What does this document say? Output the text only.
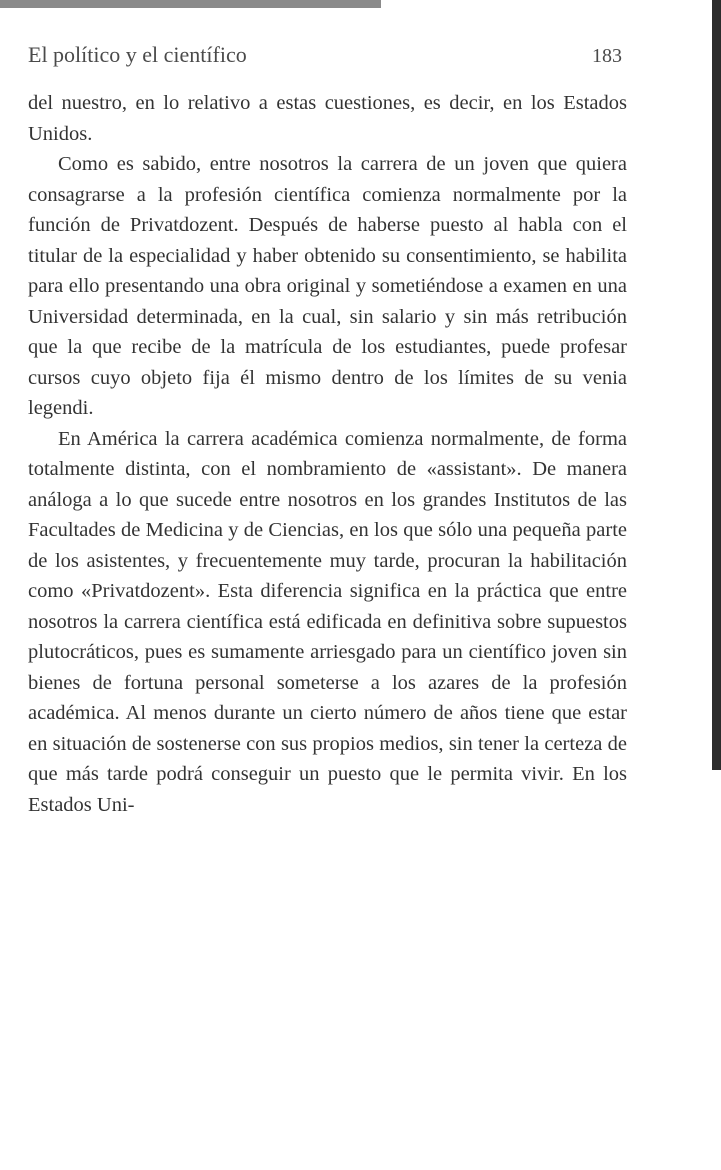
El político y el científico	183

del nuestro, en lo relativo a estas cuestiones, es decir, en los Estados Unidos.

Como es sabido, entre nosotros la carrera de un joven que quiera consagrarse a la profesión científica comienza normalmente por la función de Privatdozent. Después de haberse puesto al habla con el titular de la especialidad y haber obtenido su consentimiento, se habilita para ello presentando una obra original y sometiéndose a examen en una Universidad determinada, en la cual, sin salario y sin más retribución que la que recibe de la matrícula de los estudiantes, puede profesar cursos cuyo objeto fija él mismo dentro de los límites de su venia legendi.

En América la carrera académica comienza normalmente, de forma totalmente distinta, con el nombramiento de «assistant». De manera análoga a lo que sucede entre nosotros en los grandes Institutos de las Facultades de Medicina y de Ciencias, en los que sólo una pequeña parte de los asistentes, y frecuentemente muy tarde, procuran la habilitación como «Privatdozent». Esta diferencia significa en la práctica que entre nosotros la carrera científica está edificada en definitiva sobre supuestos plutocráticos, pues es sumamente arriesgado para un científico joven sin bienes de fortuna personal someterse a los azares de la profesión académica. Al menos durante un cierto número de años tiene que estar en situación de sostenerse con sus propios medios, sin tener la certeza de que más tarde podrá conseguir un puesto que le permita vivir. En los Estados Uni-
